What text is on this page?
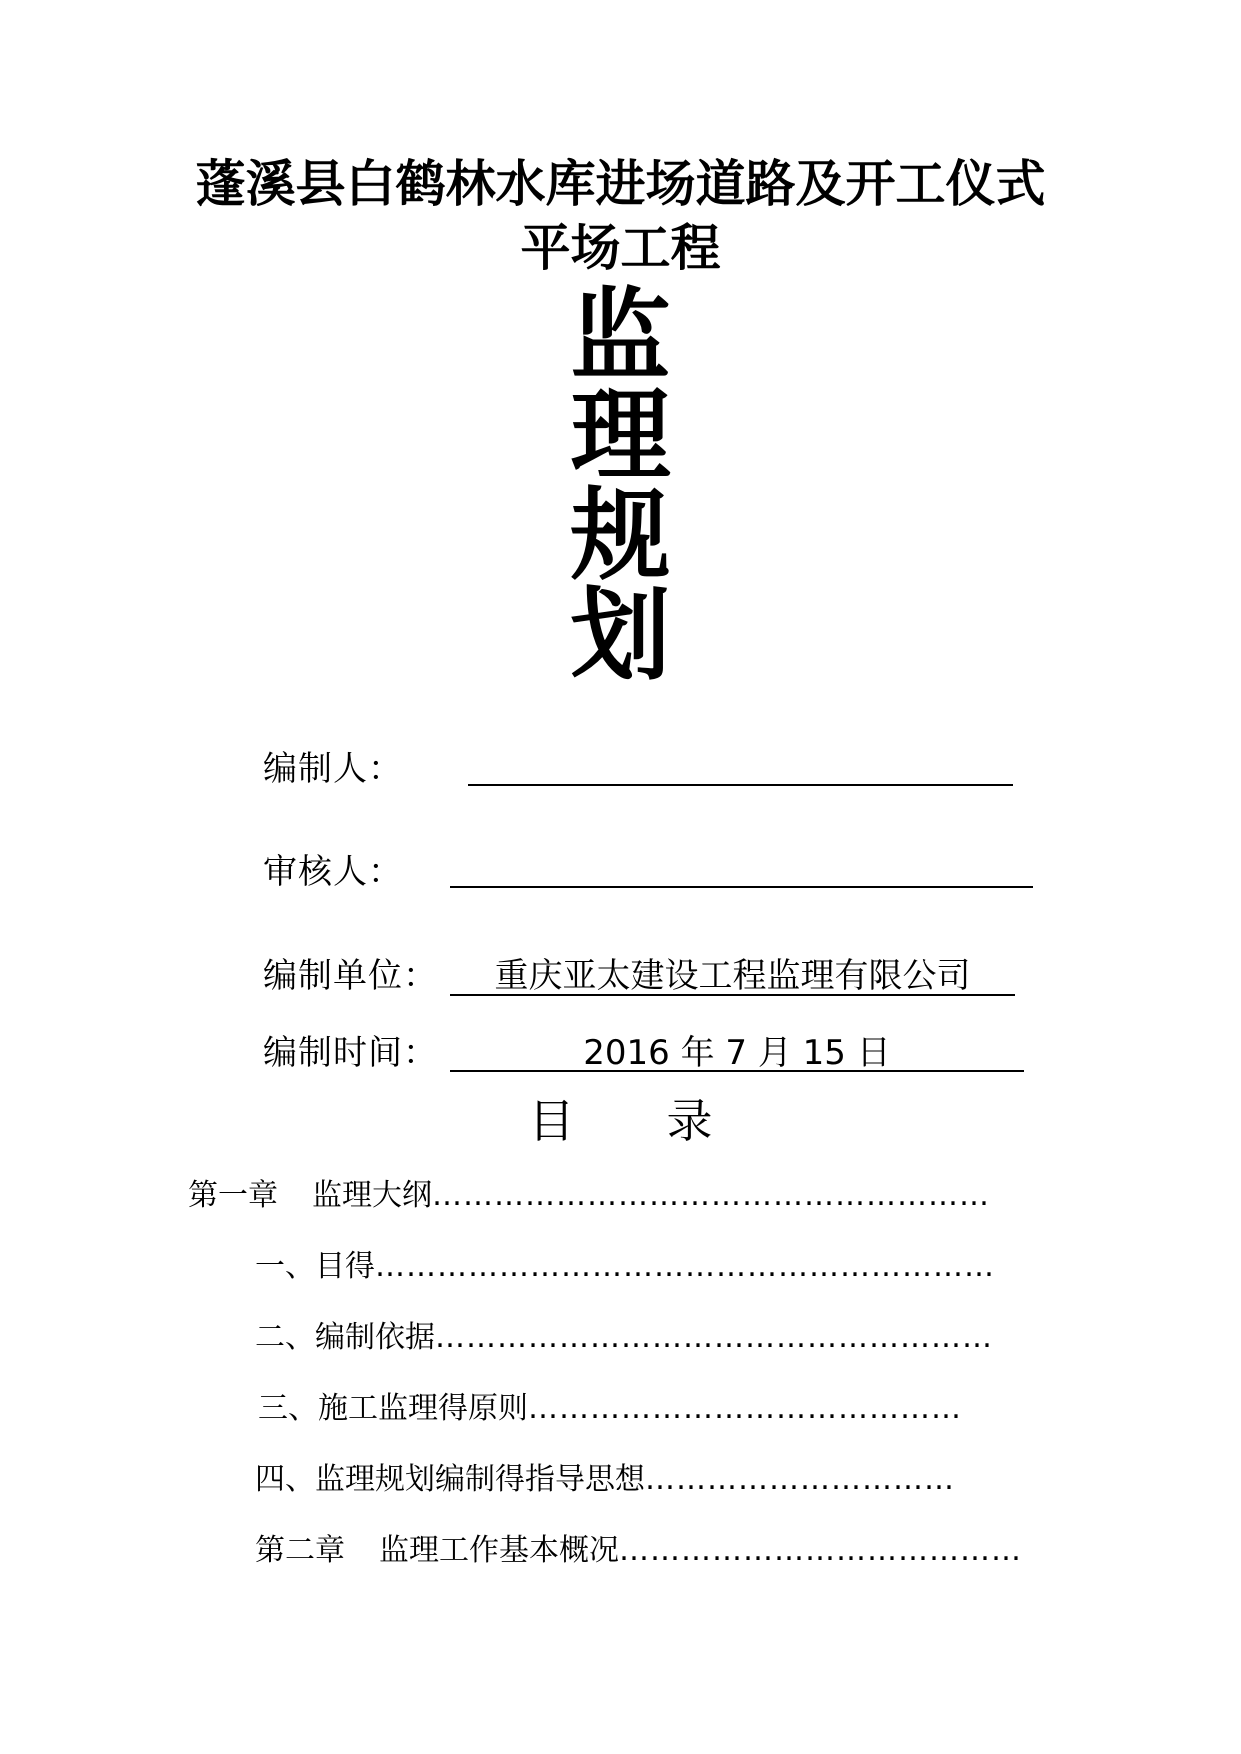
蓬溪县白鹤林水库进场道路及开工仪式
平场工程
监
理
规
划
编制人：
审核人：
编制单位：	重庆亚太建设工程监理有限公司
编制时间：	2016 年 7 月 15 日
目　　录
第一章 监理大纲………………………………………………
一、目得……………………………………………………
二、编制依据………………………………………………
三、施工监理得原则……………………………………
四、监理规划编制得指导思想…………………………
第二章 监理工作基本概况…………………………………
